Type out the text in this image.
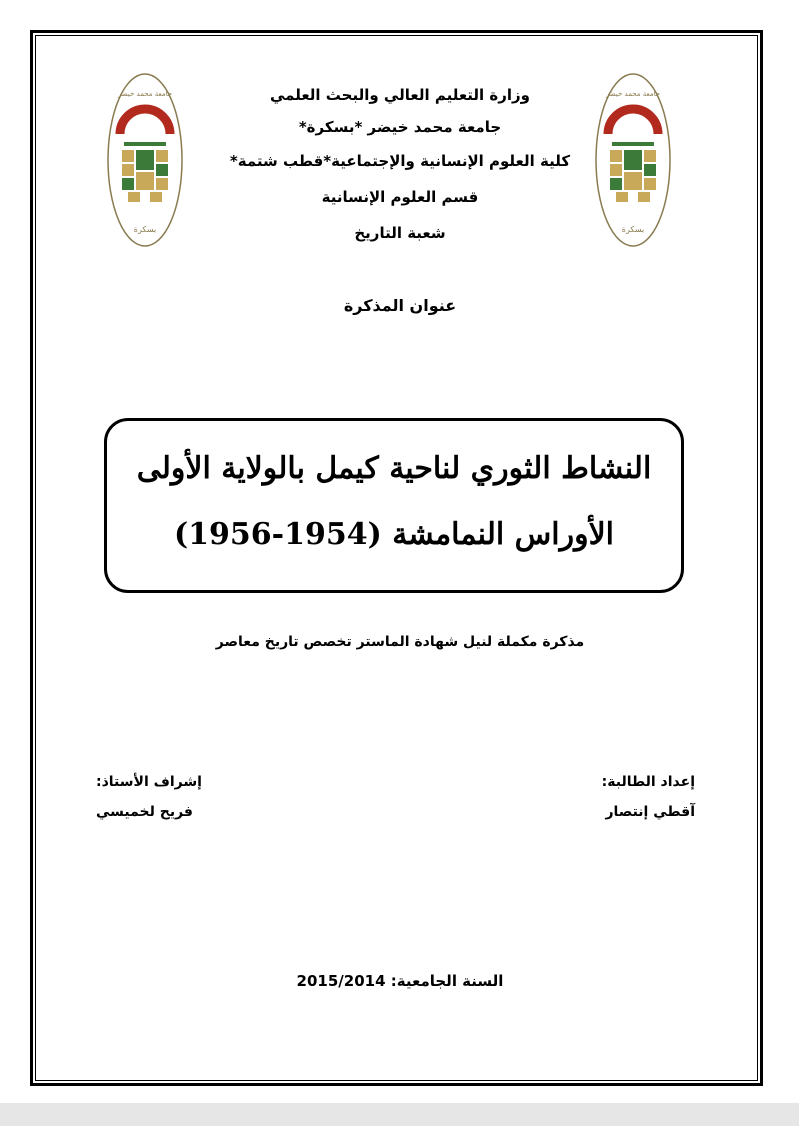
جامعة محمد خيضر
بسكرة
جامعة محمد خيضر
بسكرة
وزارة التعليم العالي والبحث العلمي
جامعة محمد خيضر *بسكرة*
كلية العلوم الإنسانية والإجتماعية*قطب شتمة*
قسم العلوم الإنسانية
شعبة التاريخ
عنوان المذكرة
النشاط الثوري لناحية كيمل بالولاية الأولى
الأوراس النمامشة (1954-1956)
مذكرة مكملة لنيل شهادة الماستر تخصص تاريخ معاصر
إعداد الطالبة:
آقطي إنتصار
إشراف الأستاذ:
فريح لخميسي
السنة الجامعية: 2015/2014
